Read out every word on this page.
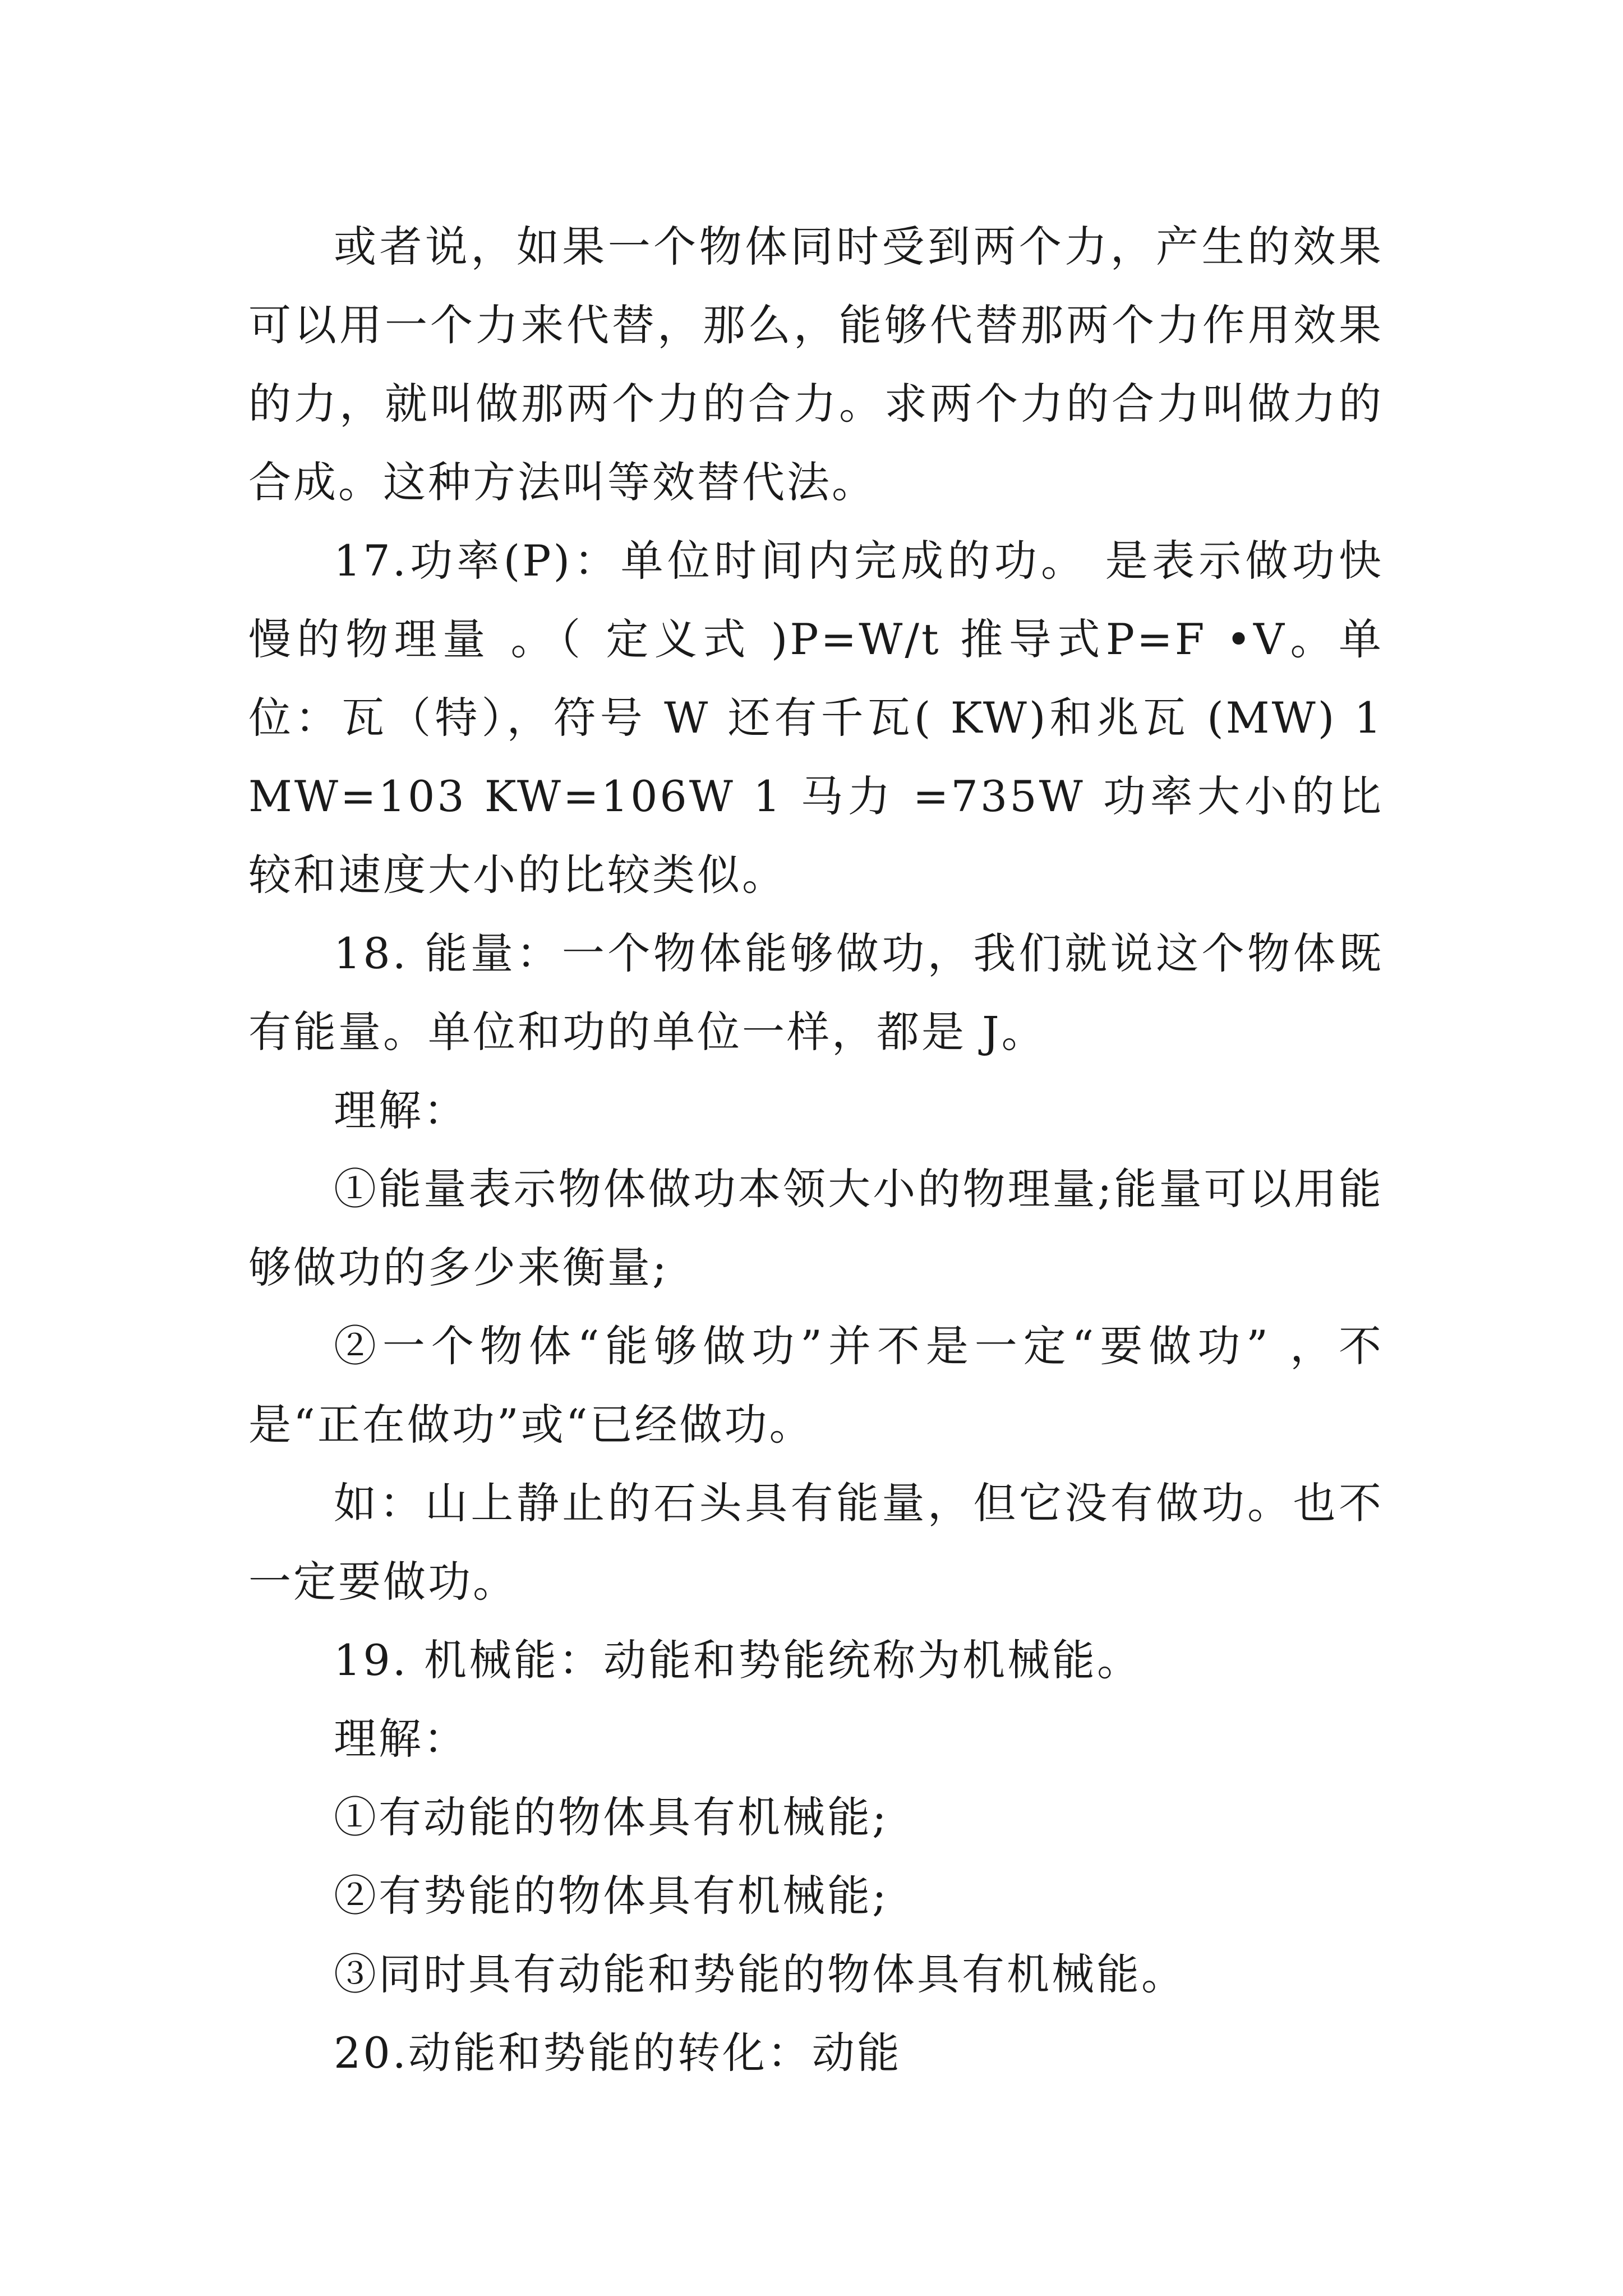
或者说，如果一个物体同时受到两个力，产生的效果可以用一个力来代替，那么，能够代替那两个力作用效果的力，就叫做那两个力的合力。求两个力的合力叫做力的合成。这种方法叫等效替代法。

17.功率(P)：单位时间内完成的功。 是表示做功快慢的物理量 。（ 定义式 )P=W/t 推导式P=F •V。单位：瓦（特），符号 W 还有千瓦( KW)和兆瓦 (MW) 1 MW=103 KW=106W 1 马力 =735W 功率大小的比较和速度大小的比较类似。

18. 能量：一个物体能够做功，我们就说这个物体既有能量。单位和功的单位一样，都是 J。

理解：

①能量表示物体做功本领大小的物理量;能量可以用能够做功的多少来衡量;

②一个物体“能够做功”并不是一定“要做功” ，不是“正在做功”或“已经做功。

如：山上静止的石头具有能量，但它没有做功。也不一定要做功。

19. 机械能：动能和势能统称为机械能。

理解：

①有动能的物体具有机械能;

②有势能的物体具有机械能;

③同时具有动能和势能的物体具有机械能。

20.动能和势能的转化：动能
